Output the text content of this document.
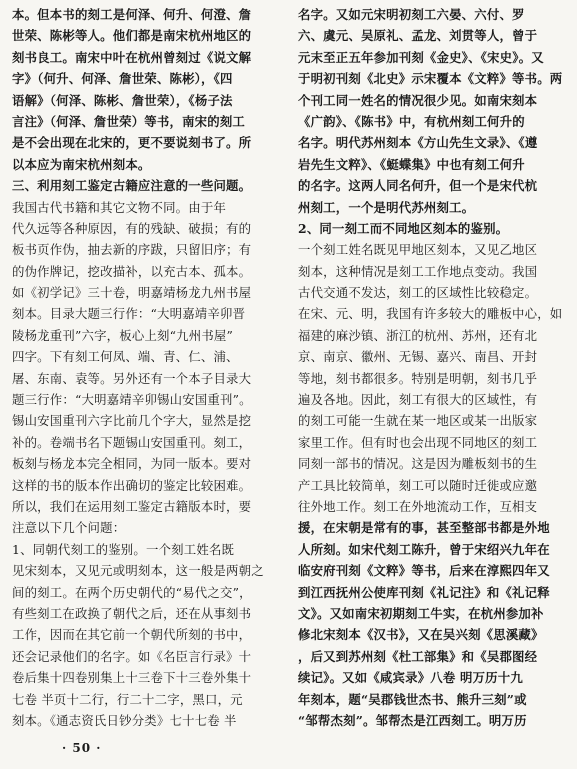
本。但本书的刻工是何泽、何升、何澄、詹
世荣、陈彬等人。他们都是南宋杭州地区的
刻书良工。南宋中叶在杭州曾刻过《说文解
字》（何升、何泽、詹世荣、陈彬），《四
语解》（何泽、陈彬、詹世荣），《杨子法
言注》（何泽、詹世荣）等书，南宋的刻工
是不会出现在北宋的，更不要说刻书了。所
以本应为南宋杭州刻本。
三、利用刻工鉴定古籍应注意的一些问题。
我国古代书籍和其它文物不同。由于年
代久远等各种原因，有的残缺、破损；有的
板书页作伪，抽去新的序跋，只留旧序；有
的伪作牌记，挖改描补，以充古本、孤本。
如《初学记》三十卷，明嘉靖杨龙九州书屋
刻本。目录大题三行作：“大明嘉靖辛卯晋
陵杨龙重刊”六字，板心上刻“九州书屋”
四字。下有刻工何凤、端、青、仁、浦、
屠、东南、袁等。另外还有一个本子目录大
题三行作：“大明嘉靖辛卯锡山安国重刊”。
锡山安国重刊六字比前几个字大，显然是挖
补的。卷端书名下题锡山安国重刊。刻工，
板刻与杨龙本完全相同，为同一版本。要对
这样的书的版本作出确切的鉴定比较困难。
所以，我们在运用刻工鉴定古籍版本时，要
注意以下几个问题：
1、同朝代刻工的鉴别。一个刻工姓名既
见宋刻本，又见元或明刻本，这一般是两朝之
间的刻工。在两个历史朝代的“易代之交”，
有些刻工在政换了朝代之后，还在从事刻书
工作，因而在其它前一个朝代所刻的书中，
还会记录他们的名字。如《名臣言行录》十
卷后集十四卷别集上十三卷下十三卷外集十
七卷 半页十二行，行二十二字，黑口，元
刻本。《通志资氏日钞分类》七十七卷 半
名字。又如元宋明初刻工六晏、六付、罗
六、虞元、吴原礼、孟龙、刘贯等人，曾于
元末至正五年参加刊刻《金史》、《宋史》。又
于明初刊刻《北史》示宋覆本《文粹》等书。两
个刊工同一姓名的情况很少见。如南宋刻本
《广韵》、《陈书》中，有杭州刻工何升的
名字。明代苏州刻本《方山先生文录》、《遵
岩先生文粹》、《蜓蝶集》中也有刻工何升
的名字。这两人同名何升，但一个是宋代杭
州刻工，一个是明代苏州刻工。
2、同一刻工而不同地区刻本的鉴别。
一个刻工姓名既见甲地区刻本，又见乙地区
刻本，这种情况是刻工工作地点变动。我国
古代交通不发达，刻工的区域性比较稳定。
在宋、元、明，我国有许多较大的雕板中心，如
福建的麻沙镇、浙江的杭州、苏州，还有北
京、南京、徽州、无锡、嘉兴、南昌、开封
等地，刻书都很多。特别是明朝，刻书几乎
遍及各地。因此，刻工有很大的区域性，有
的刻工可能一生就在某一地区或某一出版家
家里工作。但有时也会出现不同地区的刻工
同刻一部书的情况。这是因为雕板刻书的生
产工具比较简单，刻工可以随时迁徙或应邀
往外地工作。刻工在外地流动工作，互相支
援，在宋朝是常有的事，甚至整部书都是外地
人所刻。如宋代刻工陈升，曾于宋绍兴九年在
临安府刊刻《文粹》等书，后来在淳熙四年又
到江西抚州公使库刊刻《礼记注》和《礼记释
文》。又如南宋初期刻工牛实，在杭州参加补
修北宋刻本《汉书》，又在吴兴刻《思溪藏》
，后又到苏州刻《杜工部集》和《吴郡图经
续记》。又如《咸宾录》八卷 明万历十九
年刻本，题“吴郡钱世杰书、熊升三刻”或
“邹帮杰刻”。邹帮杰是江西刻工。明万历
· 50 ·
